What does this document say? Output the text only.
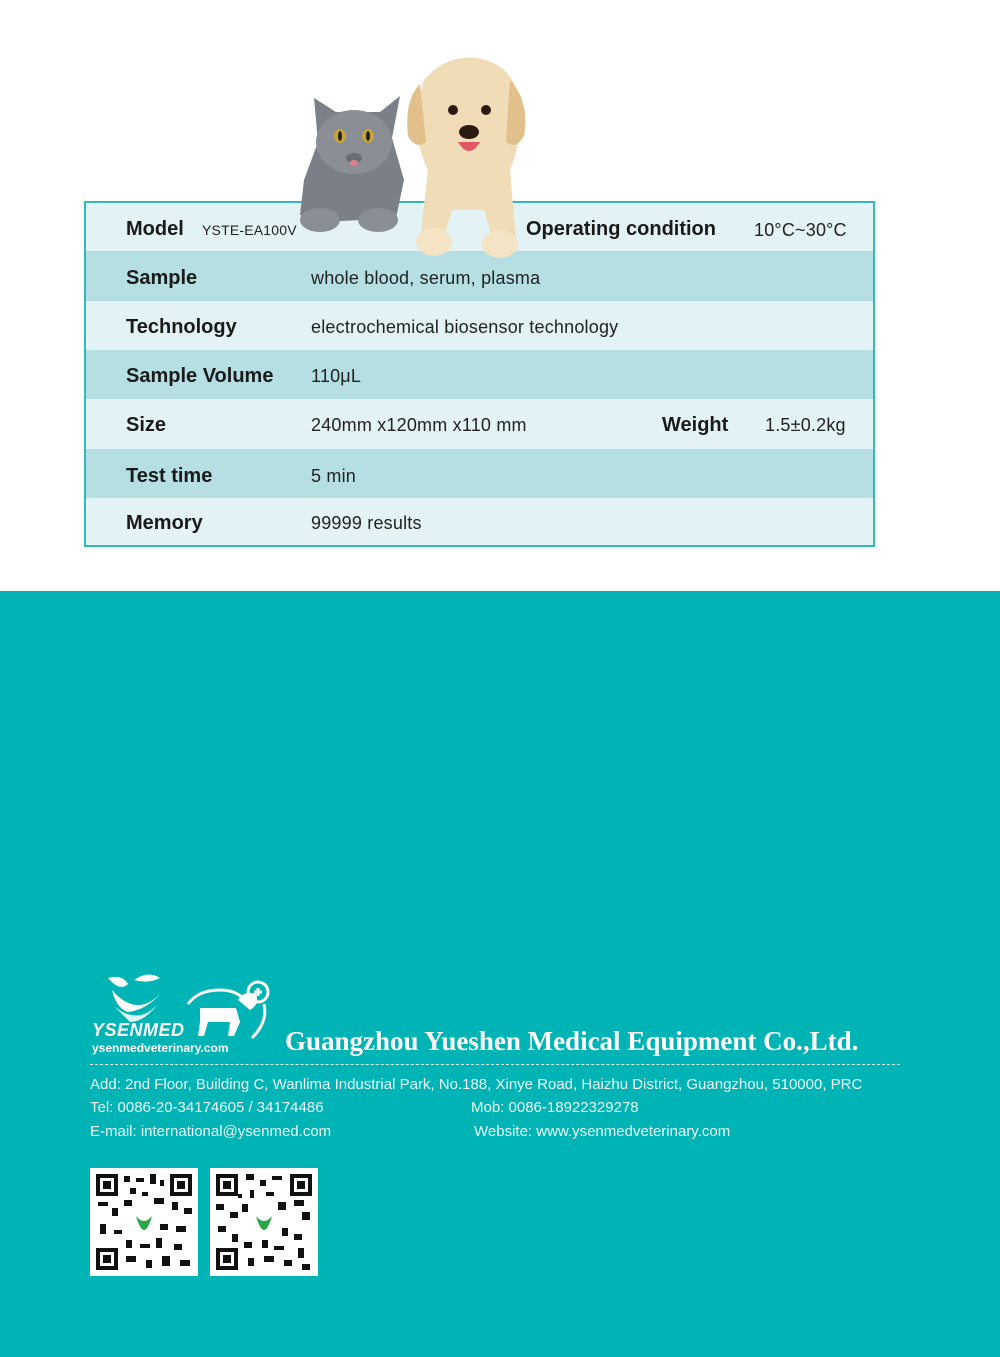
Model YSTE-EA100V	Operating condition 10°C~30°C
Sample	whole blood, serum, plasma
Technology	electrochemical biosensor technology
Sample Volume 110μL
Size	240mm x120mm x110 mm	Weight 1.5±0.2kg
Test time	5 min
Memory	99999 results
YSENMED
ysenmedveterinary.com Guangzhou Yueshen Medical Equipment Co.,Ltd.
Add: 2nd Floor, Building C, Wanlima Industrial Park, No.188, Xinye Road, Haizhu District, Guangzhou, 510000, PRC
Tel: 0086-20-34174605 / 34174486	Mob: 0086-18922329278
E-mail: international@ysenmed.com	Website: www.ysenmedveterinary.com
